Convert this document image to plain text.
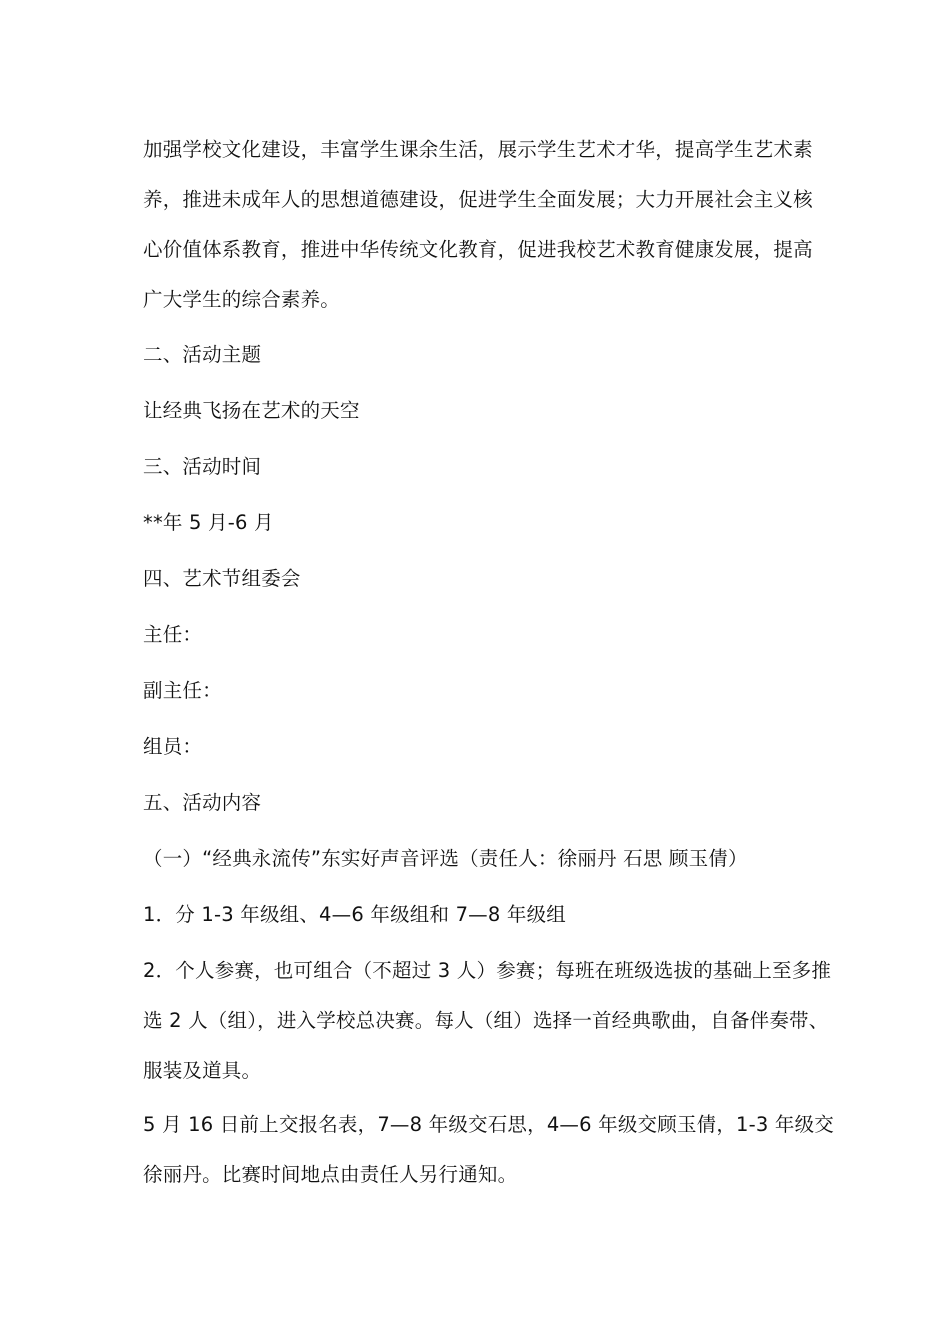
加强学校文化建设，丰富学生课余生活，展示学生艺术才华，提高学生艺术素
养，推进未成年人的思想道德建设，促进学生全面发展；大力开展社会主义核
心价值体系教育，推进中华传统文化教育，促进我校艺术教育健康发展，提高
广大学生的综合素养。
二、活动主题
让经典飞扬在艺术的天空
三、活动时间
**年 5 月-6 月
四、艺术节组委会
主任：
副主任：
组员：
五、活动内容
（一）“经典永流传”东实好声音评选（责任人：徐丽丹 石思 顾玉倩）
1．分 1-3 年级组、4—6 年级组和 7—8 年级组
2．个人参赛，也可组合（不超过 3 人）参赛；每班在班级选拔的基础上至多推
选 2 人（组），进入学校总决赛。每人（组）选择一首经典歌曲，自备伴奏带、
服装及道具。
5 月 16 日前上交报名表，7—8 年级交石思，4—6 年级交顾玉倩，1-3 年级交
徐丽丹。比赛时间地点由责任人另行通知。
